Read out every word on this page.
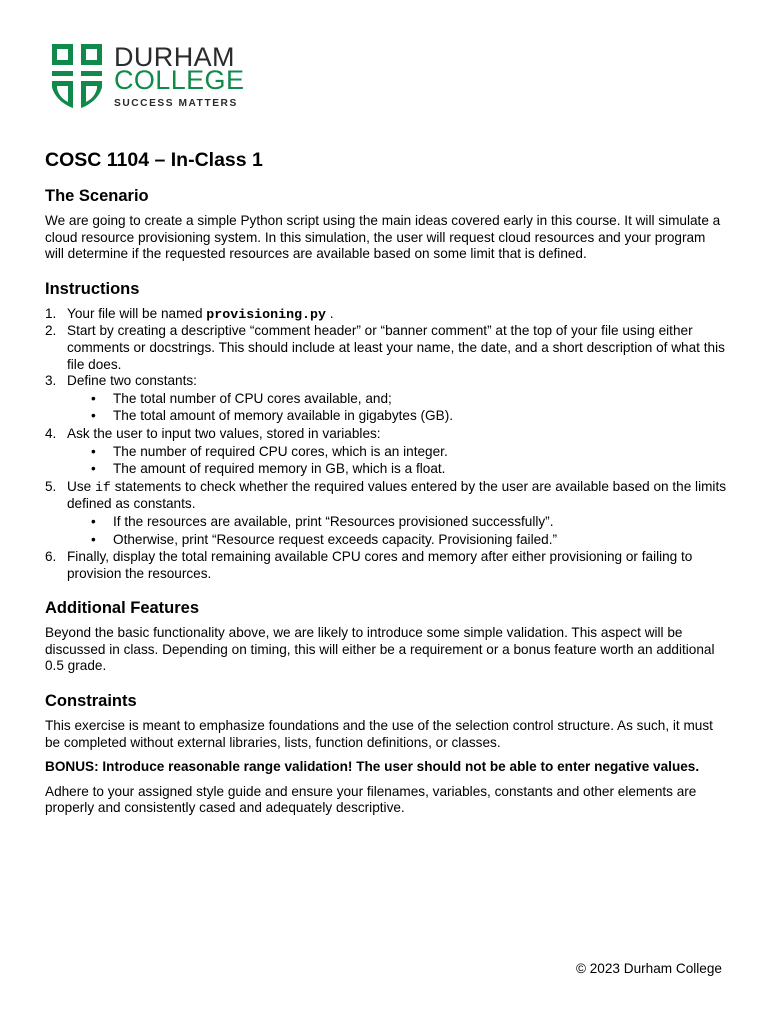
DURHAM
COLLEGE
SUCCESS MATTERS
COSC 1104 – In-Class 1
The Scenario

We are going to create a simple Python script using the main ideas covered early in this course. It will simulate a cloud resource provisioning system. In this simulation, the user will request cloud resources and your program will determine if the requested resources are available based on some limit that is defined.

Instructions
1. Your file will be named provisioning.py .
2. Start by creating a descriptive “comment header” or “banner comment” at the top of your file using either comments or docstrings. This should include at least your name, the date, and a short description of what this file does.
3. Define two constants:
• The total number of CPU cores available, and;
• The total amount of memory available in gigabytes (GB).
4. Ask the user to input two values, stored in variables:
• The number of required CPU cores, which is an integer.
• The amount of required memory in GB, which is a float.
5. Use if statements to check whether the required values entered by the user are available based on the limits defined as constants.
• If the resources are available, print “Resources provisioned successfully”.
• Otherwise, print “Resource request exceeds capacity. Provisioning failed.”
6. Finally, display the total remaining available CPU cores and memory after either provisioning or failing to provision the resources.
Additional Features

Beyond the basic functionality above, we are likely to introduce some simple validation. This aspect will be discussed in class. Depending on timing, this will either be a requirement or a bonus feature worth an additional 0.5 grade.

Constraints

This exercise is meant to emphasize foundations and the use of the selection control structure. As such, it must be completed without external libraries, lists, function definitions, or classes.

BONUS: Introduce reasonable range validation! The user should not be able to enter negative values.

Adhere to your assigned style guide and ensure your filenames, variables, constants and other elements are properly and consistently cased and adequately descriptive.

© 2023 Durham College
